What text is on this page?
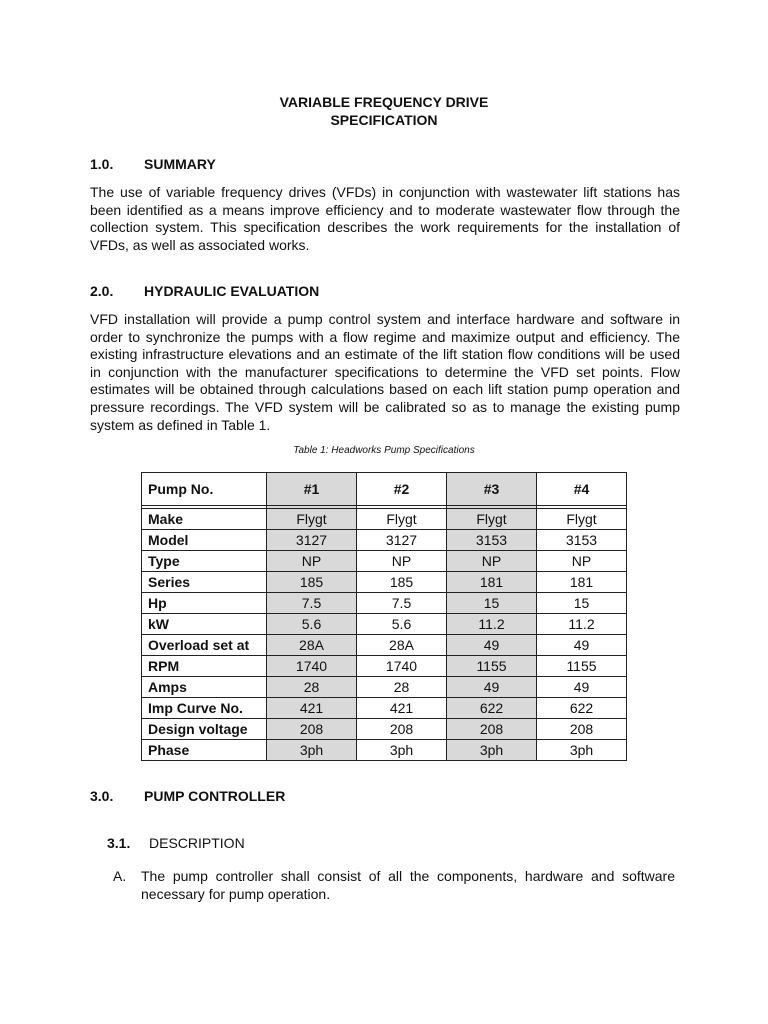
VARIABLE FREQUENCY DRIVE
SPECIFICATION
1.0. SUMMARY
The use of variable frequency drives (VFDs) in conjunction with wastewater lift stations has been identified as a means improve efficiency and to moderate wastewater flow through the collection system. This specification describes the work requirements for the installation of VFDs, as well as associated works.
2.0. HYDRAULIC EVALUATION
VFD installation will provide a pump control system and interface hardware and software in order to synchronize the pumps with a flow regime and maximize output and efficiency. The existing infrastructure elevations and an estimate of the lift station flow conditions will be used in conjunction with the manufacturer specifications to determine the VFD set points. Flow estimates will be obtained through calculations based on each lift station pump operation and pressure recordings. The VFD system will be calibrated so as to manage the existing pump system as defined in Table 1.
Table 1: Headworks Pump Specifications
Pump No.	#1	#2	#3	#4

Make	Flygt	Flygt	Flygt	Flygt
Model	3127	3127	3153	3153
Type	NP	NP	NP	NP
Series	185	185	181	181
Hp	7.5	7.5	15	15
kW	5.6	5.6	11.2	11.2
Overload set at	28A	28A	49	49
RPM	1740	1740	1155	1155
Amps	28	28	49	49
Imp Curve No.	421	421	622	622
Design voltage	208	208	208	208
Phase	3ph	3ph	3ph	3ph
3.0. PUMP CONTROLLER
3.1. DESCRIPTION
A. The pump controller shall consist of all the components, hardware and software necessary for pump operation.
